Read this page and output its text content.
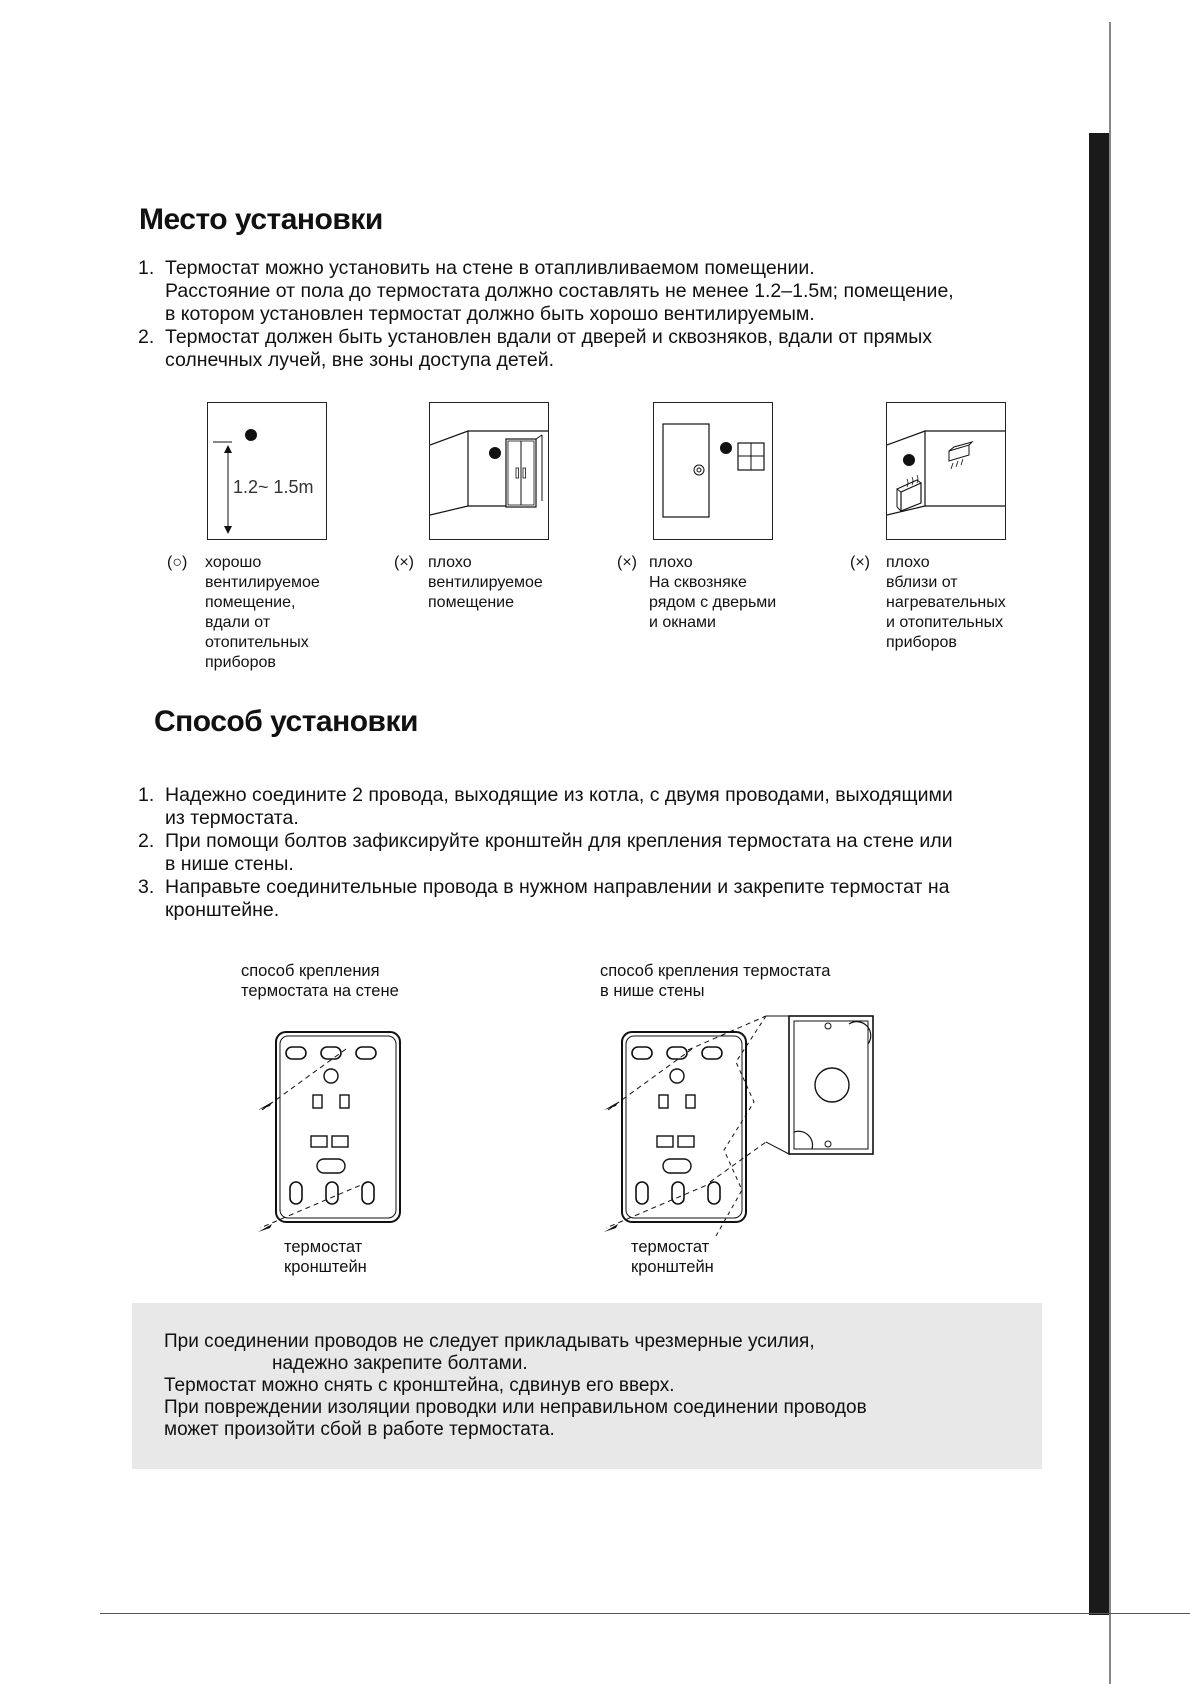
Место установки
1. Термостат можно установить на стене в отапливливаемом помещении.
Расстояние от пола до термостата должно составлять не менее 1.2–1.5м; помещение,
в котором установлен термостат должно быть хорошо вентилируемым.
2. Термостат должен быть установлен вдали от дверей и сквозняков, вдали от прямых
солнечных лучей, вне зоны доступа детей.
1.2~ 1.5m
(○) хорошо
вентилируемое
помещение,
вдали от
отопительных
приборов
(×) плохо
вентилируемое
помещение
(×) плохо
На сквозняке
рядом с дверьми
и окнами
(×) плохо
вблизи от
нагревательных
и отопительных
приборов
Способ установки
1. Надежно соедините 2 провода, выходящие из котла, с двумя проводами, выходящими
из термостата.
2. При помощи болтов зафиксируйте кронштейн для крепления термостата на стене или
в нише стены.
3. Направьте соединительные провода в нужном направлении и закрепите термостат на
кронштейне.
способ крепления
термостата на стене
способ крепления термостата
в нише стены
термостат
кронштейн
термостат
кронштейн
При соединении проводов не следует прикладывать чрезмерные усилия,
надежно закрепите болтами.
Термостат можно снять с кронштейна, сдвинув его вверх.
При повреждении изоляции проводки или неправильном соединении проводов
может произойти сбой в работе термостата.
